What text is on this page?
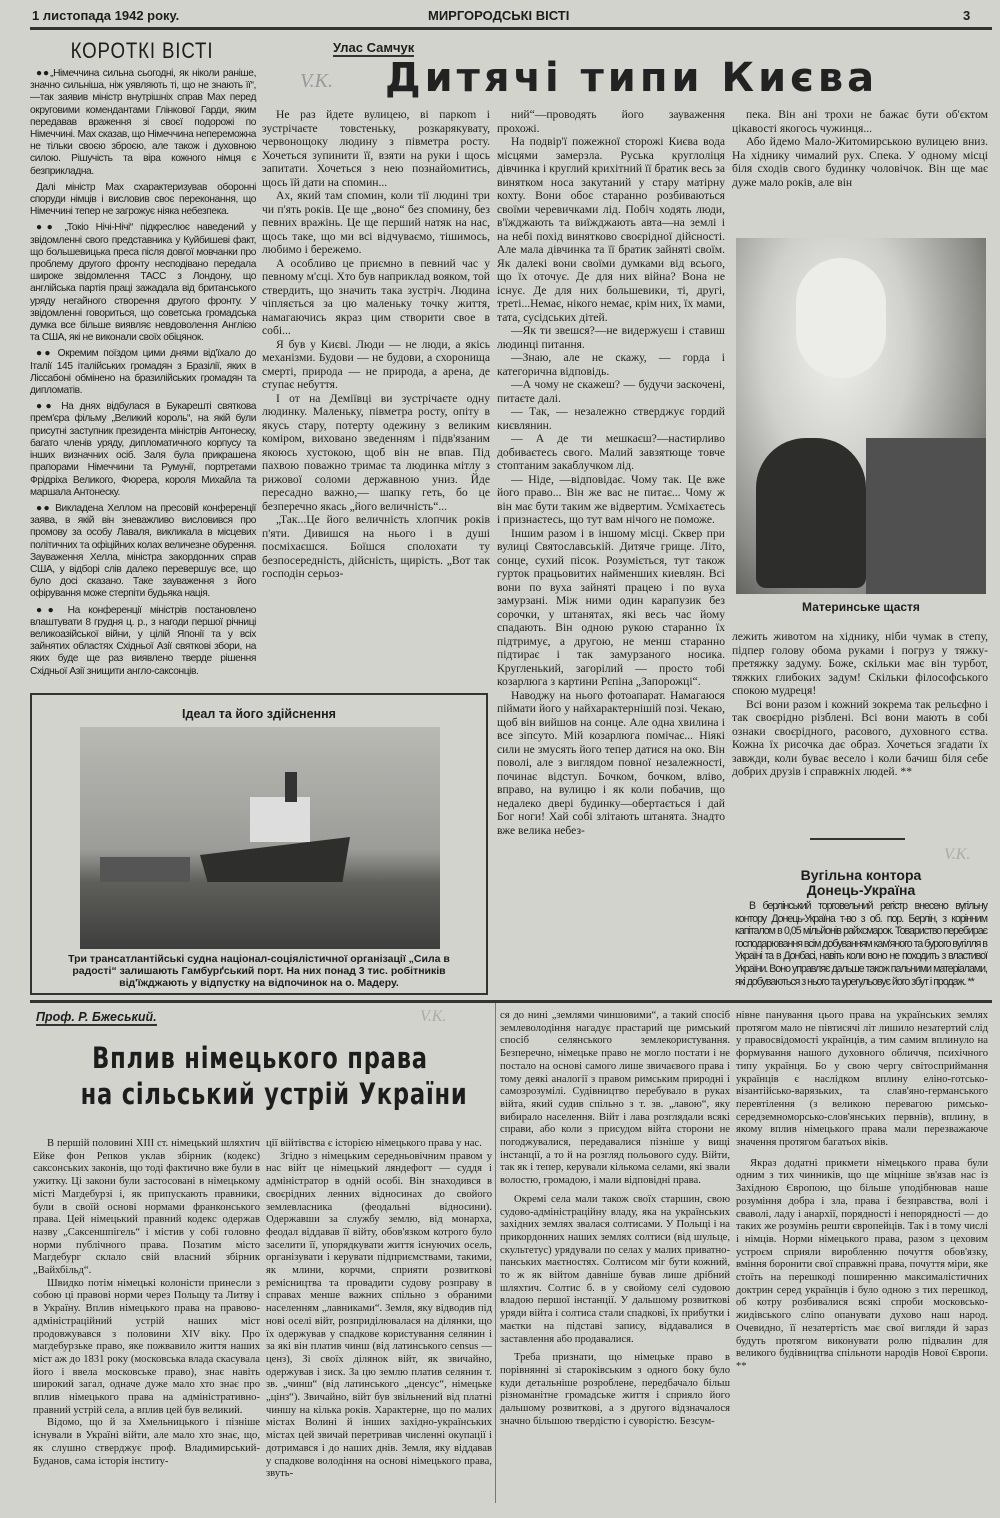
1 листопада 1942 року.	МИРГОРОДСЬКІ ВІСТІ	3
КОРОТКІ ВІСТІ

●●„Німеччина сильна сьогодні, як ніколи раніше, значно сильніша, ніж уявляють ті, що не знають її“,—так заявив міністр внутрішніх справ Мах перед округовими комендантами Глінкової Гарди, яким передавав враження зі своєї подорожі по Німеччині. Мах сказав, що Німеччина непереможна не тільки своєю зброєю, але також і духовною силою. Рішучість та віра кожного німця є безприкладна.

Далі міністр Мах схарактеризував оборонні споруди німців і висловив своє переконання, що Німеччині тепер не загрожує ніяка небезпека.

●● „Токіо Нічі-Нічі“ підкреслює наведений у звідомленні свого представника у Куйбишеві факт, що большевицька преса після довгої мовчанки про проблему другого фронту несподівано передала широке звідомлення ТАСС з Лондону, що англійська партія праці зажадала від британського уряду негайного створення другого фронту. У звідомленні говориться, що советська громадська думка все більше виявляє невдоволення Англією та США, які не виконали своїх обіцянок.

●● Окремим поїздом цими днями від'їхало до Італії 145 італійських громадян з Бразілії, яких в Ліссабоні обмінено на бразилійських громадян та дипломатів.

●● На днях відбулася в Букарешті святкова прем'єра фільму „Великий король“, на якій були присутні заступник президента міністрів Антонеску, багато членів уряду, дипломатичного корпусу та інших визначних осіб. Заля була прикрашена прапорами Німеччини та Румунії, портретами Фрідріха Великого, Фюрера, короля Михайла та маршала Антонеску.

●● Викладена Хеллом на пресовій конференції заява, в якій він зневажливо висловився про промову за особу Лаваля, викликала в місцевих політичних та офіційних колах величезне обурення. Зауваження Хелла, міністра закордонних справ США, у відборі слів далеко перевершує все, що було досі сказано. Таке зауваження з його офірування може стерпіти будьяка нація.

●● На конференції міністрів постановлено влаштувати 8 грудня ц. р., з нагоди першої річниці великоазійської війни, у цілій Японії та у всіх зайнятих областях Східньої Азії святкові збори, на яких буде ще раз виявлено тверде рішення Східньої Азії знищити англо-саксонців.

Улас Самчук
V.K. Дитячі типи Києва

Не раз йдете вулицею, ві паркоm і зустрічаєте товстеньку, розкарякувату, червонощоку людину з півметра росту. Хочеться зупинити її, взяти на руки і щось запитати. Хочеться з нею познайомитись, щось їй дати на спомин...

Ах, який там спомин, коли тії людині три чи п'ять років. Це ще „воно“ без спомину, без певних вражінь. Це ще перший натяк на нас, щось таке, що ми всі відчуваємо, тішимось, любимо і бережемо.

А особливо це приємно в певний час у певному м'сці. Хто був наприклад вояком, той ствердить, що значить така зустріч. Людина чіпляється за цю маленьку точку життя, намагаючись якраз цим створити свое в собі...

Я був у Києві. Люди — не люди, а якісь механізми. Будови — не будови, а схоронища смерті, природа — не природа, а арена, де ступає небуття.

І от на Деміївці ви зустрічаєте одну людинку. Маленьку, півметра росту, опіту в якусь стару, потерту одежину з великим коміром, виховано зведенням і підв'язаним якоюсь хустокою, щоб він не впав. Під пахвою поважно тримає та людинка мітлу з рижової соломи державною униз. Йде пересадно важно,— шапку геть, бо це безперечно якась „його величність“...

„Так...Це його величність хлопчик років п'яти. Дивишся на нього і в душі посміхаєшся. Боїшся сполохати ту безпосередність, дійсність, щирість. „Вот так господін серьоз-

ний“—проводять його зауваження прохожі.

На подвір'ї пожежної сторожі Києва вода місцями замерзла. Руська круглоліця дівчинка і круглий крихітний її братик весь за винятком носа закутаний у стару матірну кохту. Вони обоє старанно розбиваються своїми черевичками лід. Побіч ходять люди, в'їжджають та виїжджають авта—на землі і на небі похід винятково своєрідної дійсності. Але мала дівчинка та її братик зайняті своїм. Як далекі вони своїми думками від всього, що їх оточує. Де для них війна? Вона не існує. Де для них большевики, ті, другі, треті...Немає, нікого немає, крім них, їх мами, тата, сусідських дітей.

—Як ти звешся?—не видержуєш і ставиш людинці питання.

—Знаю, але не скажу, — горда і категорична відповідь.

—А чому не скажеш? — будучи заскочені, питаєте далі.

— Так, — незалежно стверджує гордий києвлянин.

— А де ти мешкаєш?—настирливо добиваєтесь свого. Малий завзятющe товче стоптаним закаблучком лід.

— Ніде, —відповідає. Чому так. Це вже його право... Він же вас не питає... Чому ж він має бути таким же відвертим. Усміхаєтесь і признаєтесь, що тут вам нічого не поможе.

Іншим разом і в іншому місці. Сквер при вулиці Святославській. Дитяче грище. Літо, сонце, сухий пісок. Розуміється, тут також гурток працьовитих найменших киевлян. Всі вони по вуха зайняті працею і по вуха замурзані. Між ними один карапузик без сорочки, у штанятах, які весь час йому спадають. Він одною рукою старанно їх підтримує, а другою, не менш старанно підтирає і так замурзаного носика. Кругленький, загорілий — просто тобі козарлюга з картини Рєпіна „Запорожці“.

Наводжу на нього фотоапарат. Намагаюся піймати його у найхарактернішій позі. Чекаю, щоб він вийшов на сонце. Але одна хвилина і все зіпсуто. Мій козарлюга помічає... Ніякі сили не змусять його тепер датися на око. Він поволі, але з виглядом повної незалежності, починає відступ. Бочком, бочком, вліво, вправо, на вулицю і як коли побачив, що недалеко двері будинку—обертається і дай Бог ноги! Хай собі злітають штанята. Знадто вже велика небез-

пека. Він ані трохи не бажає бути об'єктом цікавості якогось чужинця...

Або йдемо Мало-Житомирською вулицею вниз. На хіднику чималий рух. Спека. У одному місці біля сходів свого будинку чоловічок. Він ще має дуже мало років, але він

Материнське щастя

лежить животом на хіднику, ніби чумак в степу, підпер голову обома руками і погруз у тяжку-претяжку задуму. Боже, скільки має він турбот, тяжких глибоких задум! Скільки філософського спокою мудреця!

Всі вони разом і кожний зокрема так рельєфно і так своєрідно різблені. Всі вони мають в собі ознаки своєрідного, расового, духовного єства. Кожна їх рисочка дає образ. Хочеться згадати їх завжди, коли буває весело і коли бачиш біля себе добрих друзів і справжніх людей. **

Ідеал та його здійснення
Три трансатлантійські судна націонал-соціялістичної організації „Сила в радості“ залишають Гамбурґський порт. На них понад 3 тис. робітників від'їжджають у відпустку на відпочинок на о. Мадеру.
V.K.
Вугільна контора
Донець-Україна

В берлінський торговельний регістр внесено вугільну контору Донець-Україна т-во з об. пор. Берлін, з корінним капіталом в 0,05 мільйонів райхсмарок. Товариство перебирає господарювання всім добуванням кам'яного та бурого вугілля в Україні та в Донбасі, навіть коли воно не походить з властивої України. Воно управляє дальше також пальними матеріалами, які добуваються з нього та урегульовує його збут і продаж. **

Проф. Р. Бжеський.	V.K.
Вплив німецького права
на сільський устрій України

В першій половині XIII ст. німецький шляхтич Ейке фон Репков уклав збірник (кодекс) саксонських законів, що тоді фактично вже були в ужитку. Ці закони були застосовані в німецькому місті Магдебурзі і, як припускають правники, були в своїй основі нормами франконського права. Цей німецький правний кодекс одержав назву „Саксеншпігель“ і містив у собі головно норми публічного права. Позатим місто Магдебург склало свій власний збірник „Вайхбільд“.

Швидко потім німецькі колоністи принесли з собою ці правові норми через Польщу та Литву і в Україну. Вплив німецького права на правово-адміністраційний устрій наших міст продовжувався з половини XIV віку. Про магдебурзьке право, яке пожвавило життя наших міст аж до 1831 року (московська влада скасувала його і ввела московське право), знає навіть широкий загал, одначе дуже мало хто знає про вплив німецького права на адміністративно-правний устрій села, а вплив цей був великий.

Відомо, що й за Хмельницького і пізніше існували в Україні війти, але мало хто знає, що, як слушно стверджує проф. Владимирський-Буданов, сама історія інститу-

ції війтівства є історією німецького права у нас.

Згідно з німецьким середньовічним правом у нас війт це німецький ляндефогт — суддя і адміністратор в одній особі. Він знаходився в своєрідних ленних відносинах до свойого землевласника (феодальні відносини). Одержавши за службу землю, від монарха, феодал віддавав її війту, обов'язком котрого було заселити її, упорядкувати життя існуючих осель, організувати і керувати підприємствами, такими, як млини, корчми, сприяти розвиткові ремісництва та провадити судову розправу в справах менше важних спільно з обраними населенням „лавниками“. Земля, яку відводив під нові оселі війт, розприділювалася на ділянки, що їх одержував у спадкове користування селянин і за які він платив чинш (від латинського census — ценз), Зі своїх ділянок війт, як звичайно, одержував і зиск. За цю землю платив селянин т. зв. „чинш“ (від латинського „ценсус“, німецьке „цінз“). Звичайно, війт був звільнений від платні чиншу на кілька років. Характерне, що по малих містах Волині й інших західно-українських містах цей звичай перетривав численні окупації і дотримався і до наших днів. Земля, яку віддавав у спадкове володіння на основі німецького права, звуть-

ся до нині „землями чиншовими“, а такий спосіб землеволодіння нагадує прастарий ще римський спосіб селянського землекористування. Безперечно, німецьке право не могло постати і не постало на основі самого лише звичаєвого права і тому деякі аналогії з правом римським природні і самозрозумілі. Судівництво перебувало в руках війта, який судив спільно з т. зв. „лавою“, яку вибирало населення. Війт і лава розглядали всякі справи, або коли з присудом війта сторони не погоджувалися, передавалися пізніше у вищі інстанції, а то й на розгляд польового суду. Війти, так як і тепер, керували кількома селами, які звали волостю, громадою, і мали відповідні права.

Окремі села мали також своїх старшин, свою судово-адміністраційну владу, яка на українських західних землях звалася солтисами. У Польщі і на прикордонних наших землях солтиси (від шульце, скультетус) урядували по селах у малих приватно-панських маєтностях. Солтисом міг бути кожний, то ж як війтом давніше бував лише дрібний шляхтич. Солтис б. в у свойому селі судовою владою першої інстанції. У дальшому розвиткові уряди війта і солтиса стали спадкові, їх прибутки і маєтки на підставі запису, віддавалися в заставлення або продавалися.

Треба признати, що німецьке право в порівнянні зі староківським з одного боку було куди детальніше розроблене, передбачало більш різноманітне громадське життя і сприяло його дальшому розвиткові, а з другого відзначалося значно більшою твердістю і суворістю. Безсум-

нівне панування цього права на українських землях протягом мало не півтисячі літ лишило незатертий слід у правосвідомості українців, а тим самим вплинуло на формування нашого духовного обличчя, психічного типу українця. Бо у свою чергу світосприймання українців є наслідком вплину еліно-готсько-візантійсько-варязьких, та слав'яно-германського перевтілення (з великою перевагою римсько-середземноморсько-слов'янських первнів), вплину, в якому вплив німецького права мали перезважаюче значення протягом багатьох віків.

Якраз додатні прикмети німецького права були одним з тих чинників, що ще міцніше зв'язав нас із Західною Європою, що більше уподібнював наше розуміння добра і зла, права і безправства, волі і сваволі, ладу і анархії, порядності і непорядності — до таких же розумінь решти європейців. Так і в тому числі і німців. Норми німецького права, разом з цеховим устроєм сприяли виробленню почуття обов'язку, вміння боронити свої справжні права, почуття міри, яке стоїть на перешкоді поширенню максималістичних доктрин серед українців і було одною з тих перешкод, об котру розбивалися всякі спроби московсько-жидівського сліпо опанувати духово наш народ. Очевидно, її незатертість має свої вигляди й зараз будуть протягом виконувати ролю підвалин для великого будівництва спільноти народів Нової Європи. **
